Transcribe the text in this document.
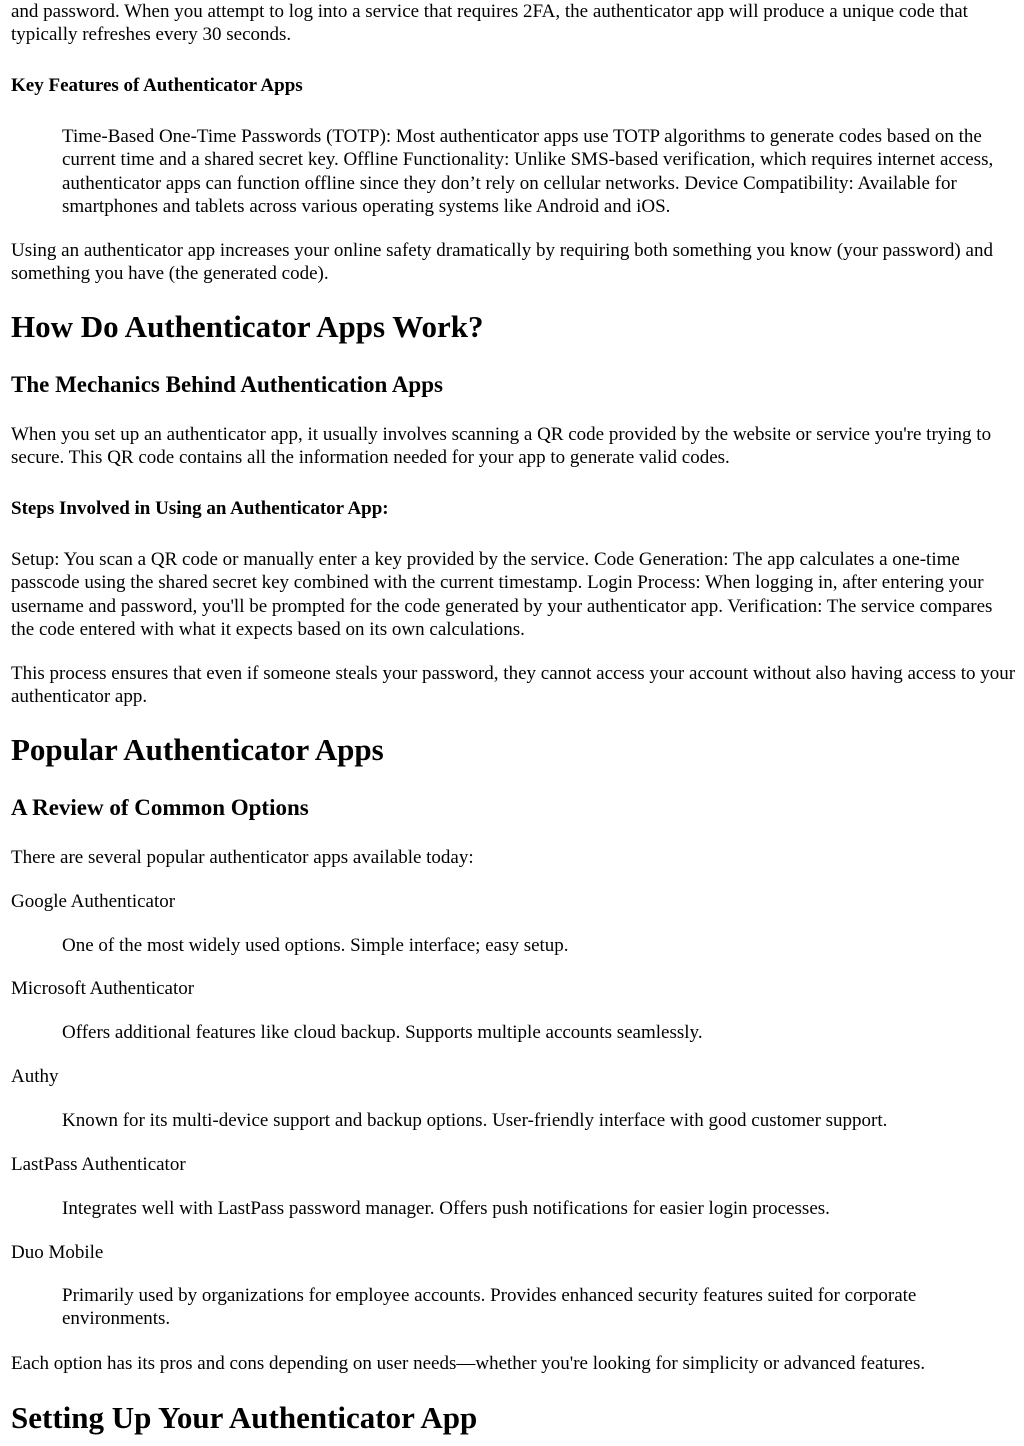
and password. When you attempt to log into a service that requires 2FA, the authenticator app will produce a unique code that typically refreshes every 30 seconds.

Key Features of Authenticator Apps

Time-Based One-Time Passwords (TOTP): Most authenticator apps use TOTP algorithms to generate codes based on the current time and a shared secret key. Offline Functionality: Unlike SMS-based verification, which requires internet access, authenticator apps can function offline since they don’t rely on cellular networks. Device Compatibility: Available for smartphones and tablets across various operating systems like Android and iOS.

Using an authenticator app increases your online safety dramatically by requiring both something you know (your password) and something you have (the generated code).

How Do Authenticator Apps Work?
The Mechanics Behind Authentication Apps

When you set up an authenticator app, it usually involves scanning a QR code provided by the website or service you're trying to secure. This QR code contains all the information needed for your app to generate valid codes.

Steps Involved in Using an Authenticator App:

Setup: You scan a QR code or manually enter a key provided by the service. Code Generation: The app calculates a one-time passcode using the shared secret key combined with the current timestamp. Login Process: When logging in, after entering your username and password, you'll be prompted for the code generated by your authenticator app. Verification: The service compares the code entered with what it expects based on its own calculations.

This process ensures that even if someone steals your password, they cannot access your account without also having access to your authenticator app.

Popular Authenticator Apps
A Review of Common Options

There are several popular authenticator apps available today:

Google Authenticator

One of the most widely used options. Simple interface; easy setup.

Microsoft Authenticator

Offers additional features like cloud backup. Supports multiple accounts seamlessly.

Authy

Known for its multi-device support and backup options. User-friendly interface with good customer support.

LastPass Authenticator

Integrates well with LastPass password manager. Offers push notifications for easier login processes.

Duo Mobile

Primarily used by organizations for employee accounts. Provides enhanced security features suited for corporate environments.

Each option has its pros and cons depending on user needs—whether you're looking for simplicity or advanced features.

Setting Up Your Authenticator App
